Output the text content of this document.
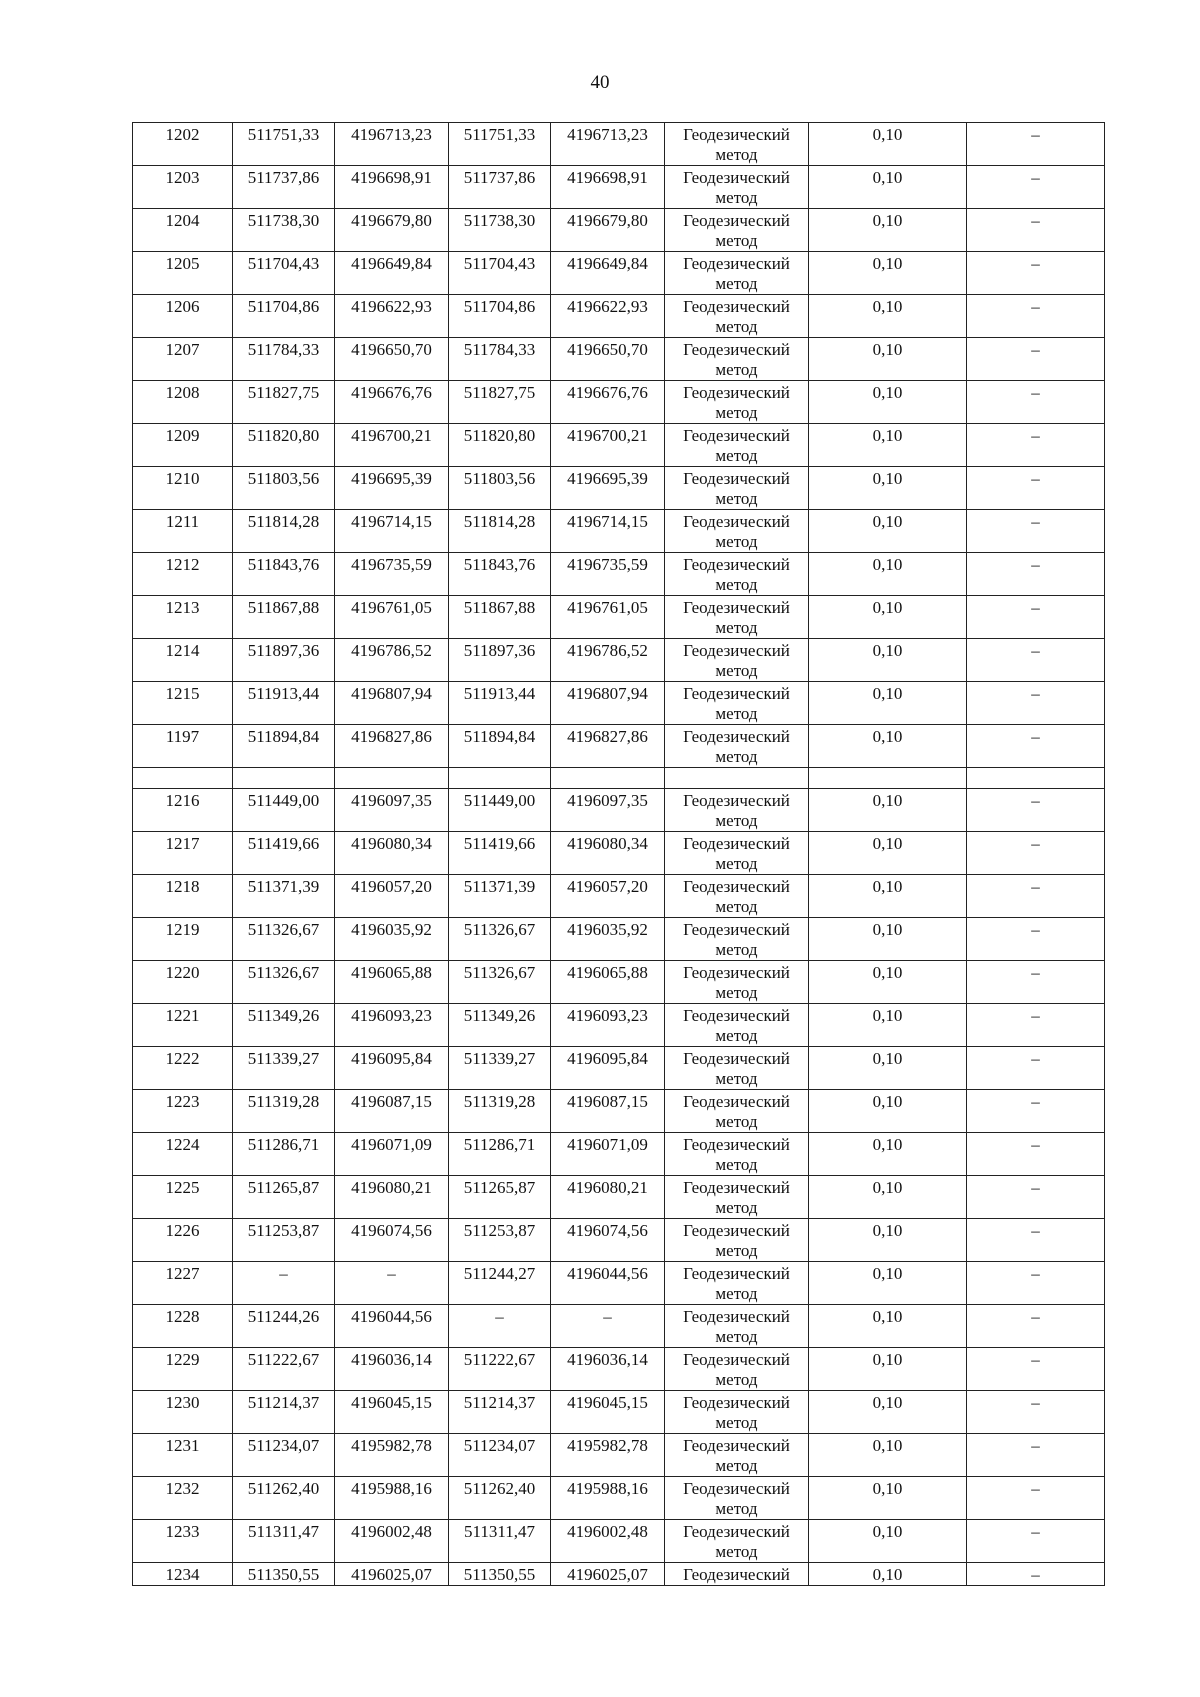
40
1202	511751,33	4196713,23	511751,33	4196713,23	Геодезический метод	0,10	–
1203	511737,86	4196698,91	511737,86	4196698,91	Геодезический метод	0,10	–
1204	511738,30	4196679,80	511738,30	4196679,80	Геодезический метод	0,10	–
1205	511704,43	4196649,84	511704,43	4196649,84	Геодезический метод	0,10	–
1206	511704,86	4196622,93	511704,86	4196622,93	Геодезический метод	0,10	–
1207	511784,33	4196650,70	511784,33	4196650,70	Геодезический метод	0,10	–
1208	511827,75	4196676,76	511827,75	4196676,76	Геодезический метод	0,10	–
1209	511820,80	4196700,21	511820,80	4196700,21	Геодезический метод	0,10	–
1210	511803,56	4196695,39	511803,56	4196695,39	Геодезический метод	0,10	–
1211	511814,28	4196714,15	511814,28	4196714,15	Геодезический метод	0,10	–
1212	511843,76	4196735,59	511843,76	4196735,59	Геодезический метод	0,10	–
1213	511867,88	4196761,05	511867,88	4196761,05	Геодезический метод	0,10	–
1214	511897,36	4196786,52	511897,36	4196786,52	Геодезический метод	0,10	–
1215	511913,44	4196807,94	511913,44	4196807,94	Геодезический метод	0,10	–
1197	511894,84	4196827,86	511894,84	4196827,86	Геодезический метод	0,10	–

1216	511449,00	4196097,35	511449,00	4196097,35	Геодезический метод	0,10	–
1217	511419,66	4196080,34	511419,66	4196080,34	Геодезический метод	0,10	–
1218	511371,39	4196057,20	511371,39	4196057,20	Геодезический метод	0,10	–
1219	511326,67	4196035,92	511326,67	4196035,92	Геодезический метод	0,10	–
1220	511326,67	4196065,88	511326,67	4196065,88	Геодезический метод	0,10	–
1221	511349,26	4196093,23	511349,26	4196093,23	Геодезический метод	0,10	–
1222	511339,27	4196095,84	511339,27	4196095,84	Геодезический метод	0,10	–
1223	511319,28	4196087,15	511319,28	4196087,15	Геодезический метод	0,10	–
1224	511286,71	4196071,09	511286,71	4196071,09	Геодезический метод	0,10	–
1225	511265,87	4196080,21	511265,87	4196080,21	Геодезический метод	0,10	–
1226	511253,87	4196074,56	511253,87	4196074,56	Геодезический метод	0,10	–
1227	–	–	511244,27	4196044,56	Геодезический метод	0,10	–
1228	511244,26	4196044,56	–	–	Геодезический метод	0,10	–
1229	511222,67	4196036,14	511222,67	4196036,14	Геодезический метод	0,10	–
1230	511214,37	4196045,15	511214,37	4196045,15	Геодезический метод	0,10	–
1231	511234,07	4195982,78	511234,07	4195982,78	Геодезический метод	0,10	–
1232	511262,40	4195988,16	511262,40	4195988,16	Геодезический метод	0,10	–
1233	511311,47	4196002,48	511311,47	4196002,48	Геодезический метод	0,10	–
1234	511350,55	4196025,07	511350,55	4196025,07	Геодезический	0,10	–
